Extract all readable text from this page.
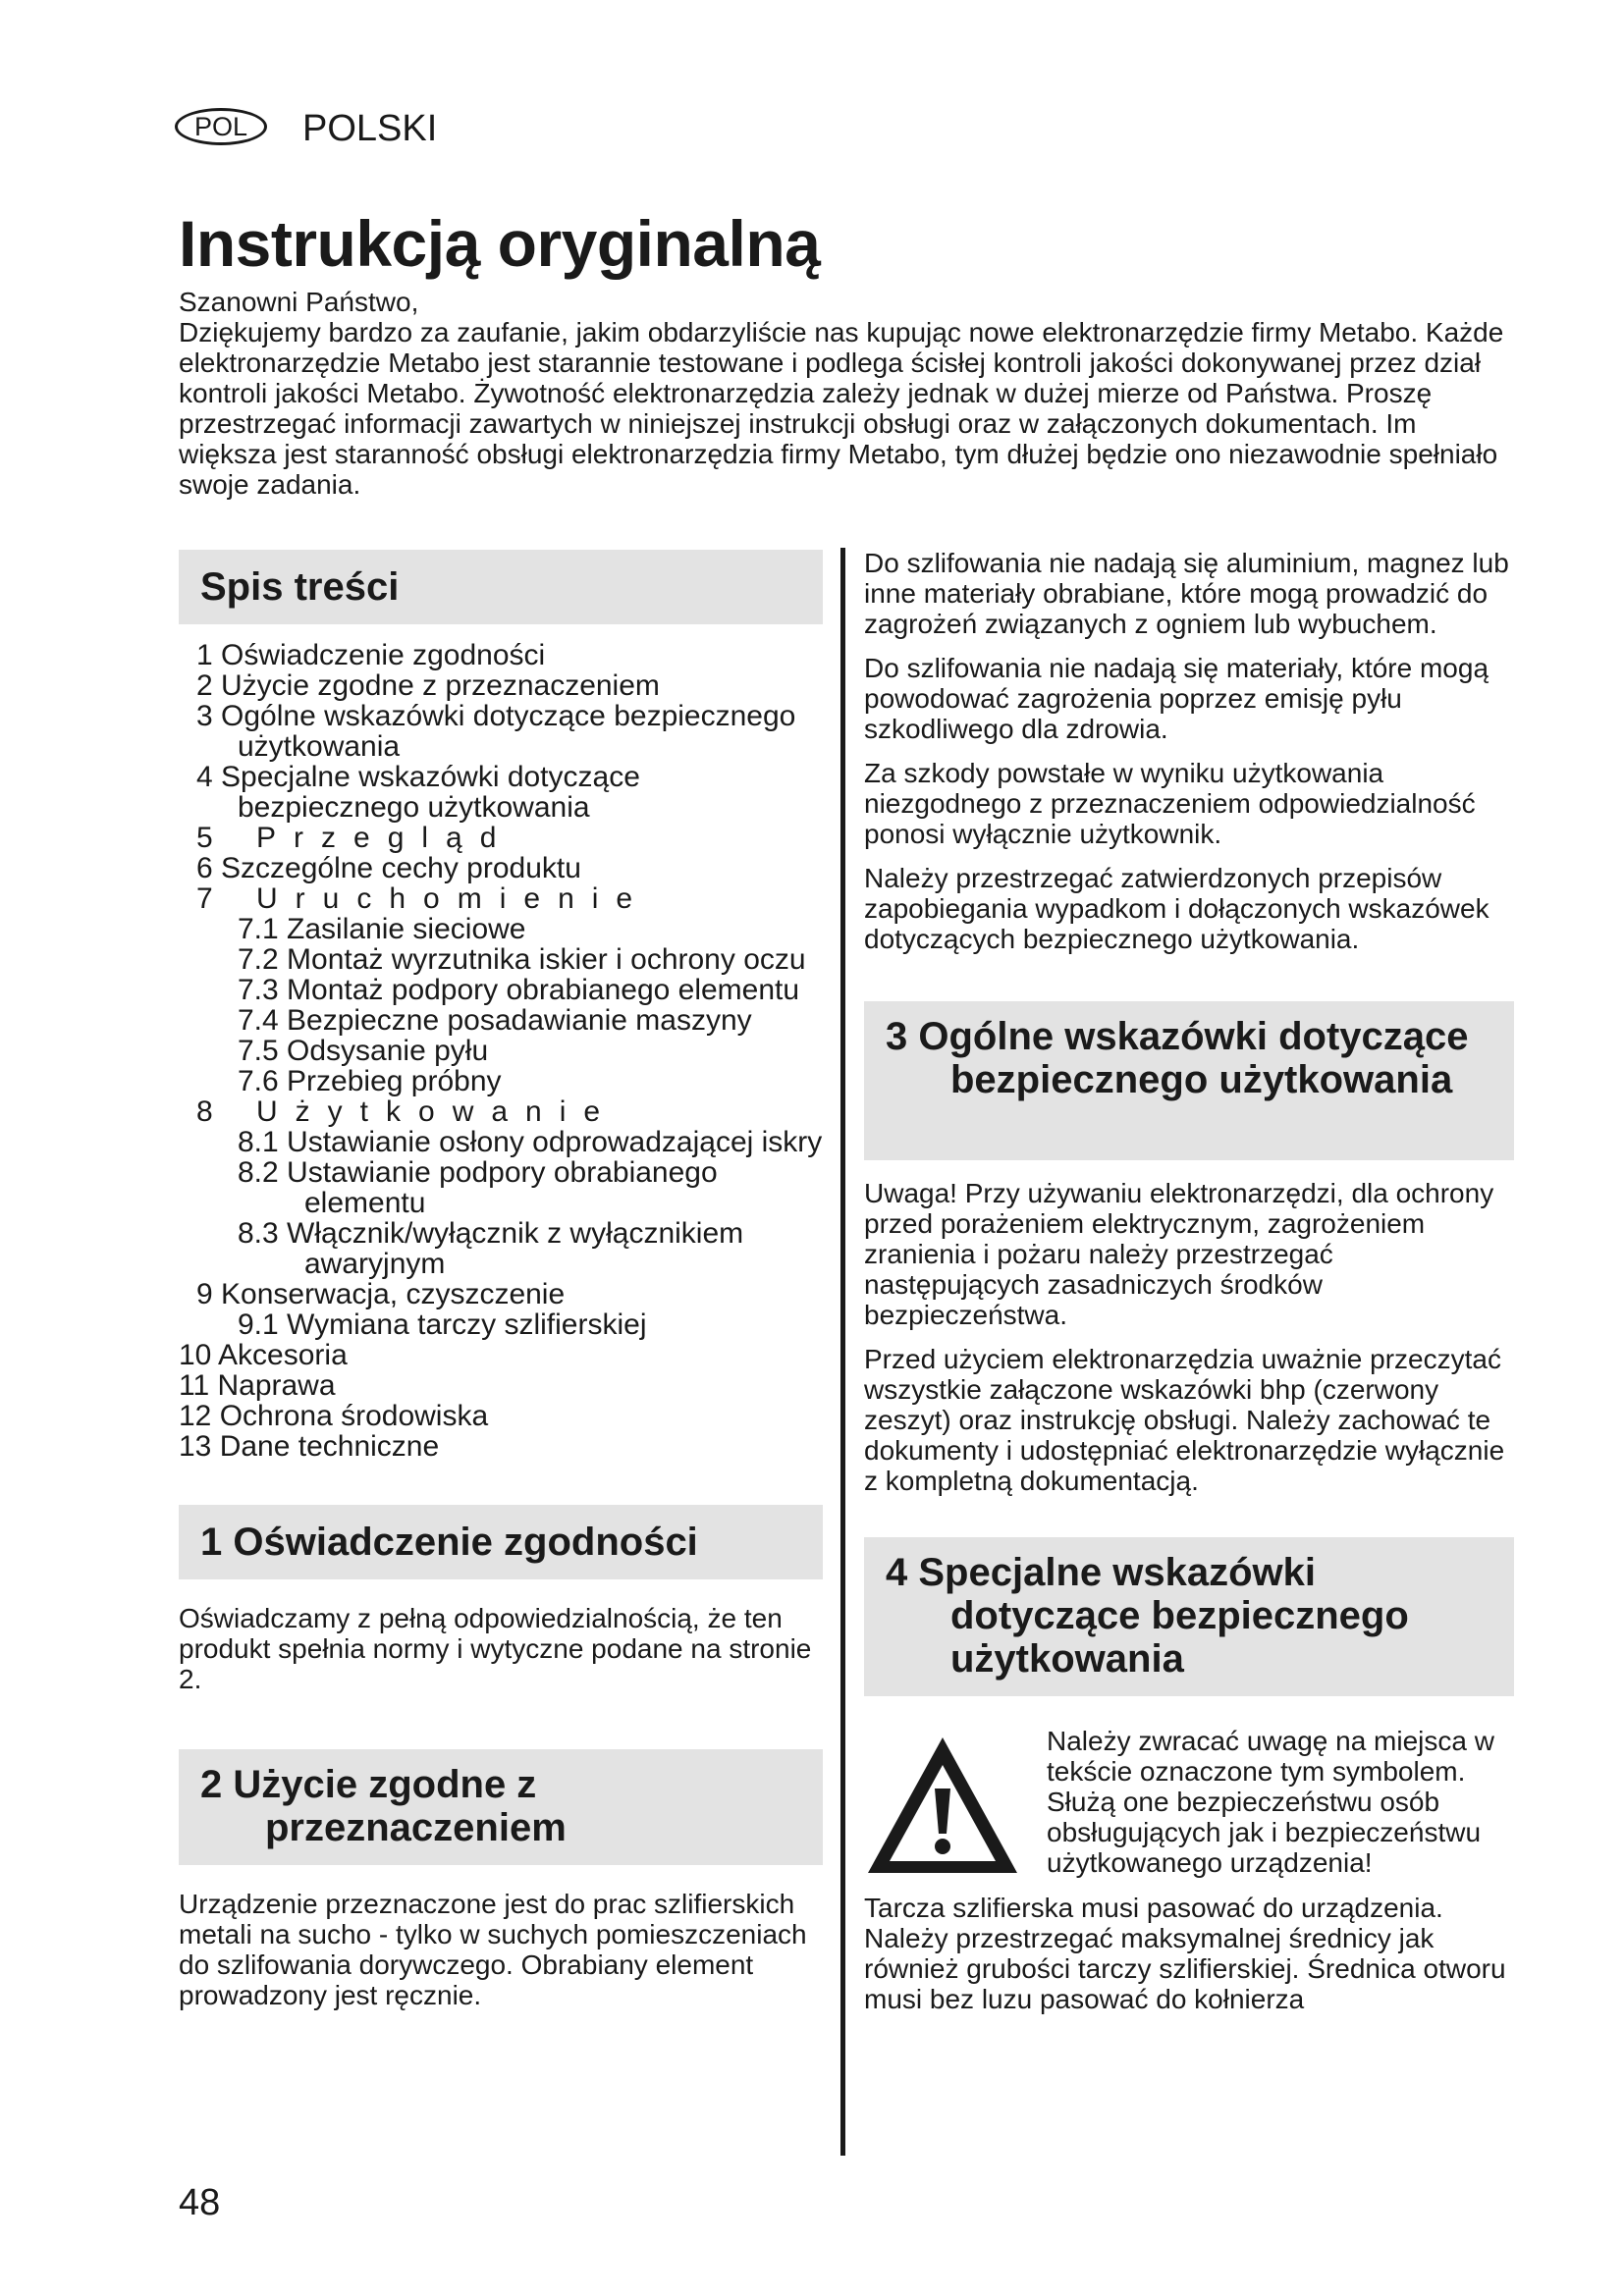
POL	POLSKI
Instrukcją oryginalną

Szanowni Państwo,

Dziękujemy bardzo za zaufanie, jakim obdarzyliście nas kupując nowe elektronarzędzie firmy Metabo. Każde elektronarzędzie Metabo jest starannie testowane i podlega ścisłej kontroli jakości dokonywanej przez dział kontroli jakości Metabo. Żywotność elektronarzędzia zależy jednak w dużej mierze od Państwa. Proszę przestrzegać informacji zawartych w niniejszej instrukcji obsługi oraz w załączonych dokumentach. Im większa jest staranność obsługi elektronarzędzia firmy Metabo, tym dłużej będzie ono niezawodnie spełniało swoje zadania.

Spis treści
1 Oświadczenie zgodności
2 Użycie zgodne z przeznaczeniem
3 Ogólne wskazówki dotyczące bezpiecznego użytkowania
4 Specjalne wskazówki dotyczące bezpiecznego użytkowania
5 Przegląd
6 Szczególne cechy produktu
7 Uruchomienie
7.1 Zasilanie sieciowe
7.2 Montaż wyrzutnika iskier i ochrony oczu
7.3 Montaż podpory obrabianego elementu
7.4 Bezpieczne posadawianie maszyny
7.5 Odsysanie pyłu
7.6 Przebieg próbny
8 Użytkowanie
8.1 Ustawianie osłony odprowadzającej iskry
8.2 Ustawianie podpory obrabianego elementu
8.3 Włącznik/wyłącznik z wyłącznikiem awaryjnym
9 Konserwacja, czyszczenie
9.1 Wymiana tarczy szlifierskiej
10 Akcesoria
11 Naprawa
12 Ochrona środowiska
13 Dane techniczne
1 Oświadczenie zgodności

Oświadczamy z pełną odpowiedzialnością, że ten produkt spełnia normy i wytyczne podane na stronie 2.

2 Użycie zgodne z przeznaczeniem

Urządzenie przeznaczone jest do prac szlifierskich metali na sucho - tylko w suchych pomieszczeniach do szlifowania dorywczego. Obrabiany element prowadzony jest ręcznie.

Do szlifowania nie nadają się aluminium, magnez lub inne materiały obrabiane, które mogą prowadzić do zagrożeń związanych z ogniem lub wybuchem.

Do szlifowania nie nadają się materiały, które mogą powodować zagrożenia poprzez emisję pyłu szkodliwego dla zdrowia.

Za szkody powstałe w wyniku użytkowania niezgodnego z przeznaczeniem odpowiedzialność ponosi wyłącznie użytkownik.

Należy przestrzegać zatwierdzonych przepisów zapobiegania wypadkom i dołączonych wskazówek dotyczących bezpiecznego użytkowania.

3 Ogólne wskazówki dotyczące bezpiecznego użytkowania

Uwaga! Przy używaniu elektronarzędzi, dla ochrony przed porażeniem elektrycznym, zagrożeniem zranienia i pożaru należy przestrzegać następujących zasadniczych środków bezpieczeństwa.

Przed użyciem elektronarzędzia uważnie przeczytać wszystkie załączone wskazówki bhp (czerwony zeszyt) oraz instrukcję obsługi. Należy zachować te dokumenty i udostępniać elektronarzędzie wyłącznie z kompletną dokumentacją.

4 Specjalne wskazówki dotyczące bezpiecznego użytkowania

Należy zwracać uwagę na miejsca w tekście oznaczone tym symbolem. Służą one bezpieczeństwu osób obsługujących jak i bezpieczeństwu użytkowanego urządzenia!

Tarcza szlifierska musi pasować do urządzenia. Należy przestrzegać maksymalnej średnicy jak również grubości tarczy szlifierskiej. Średnica otworu musi bez luzu pasować do kołnierza

48
